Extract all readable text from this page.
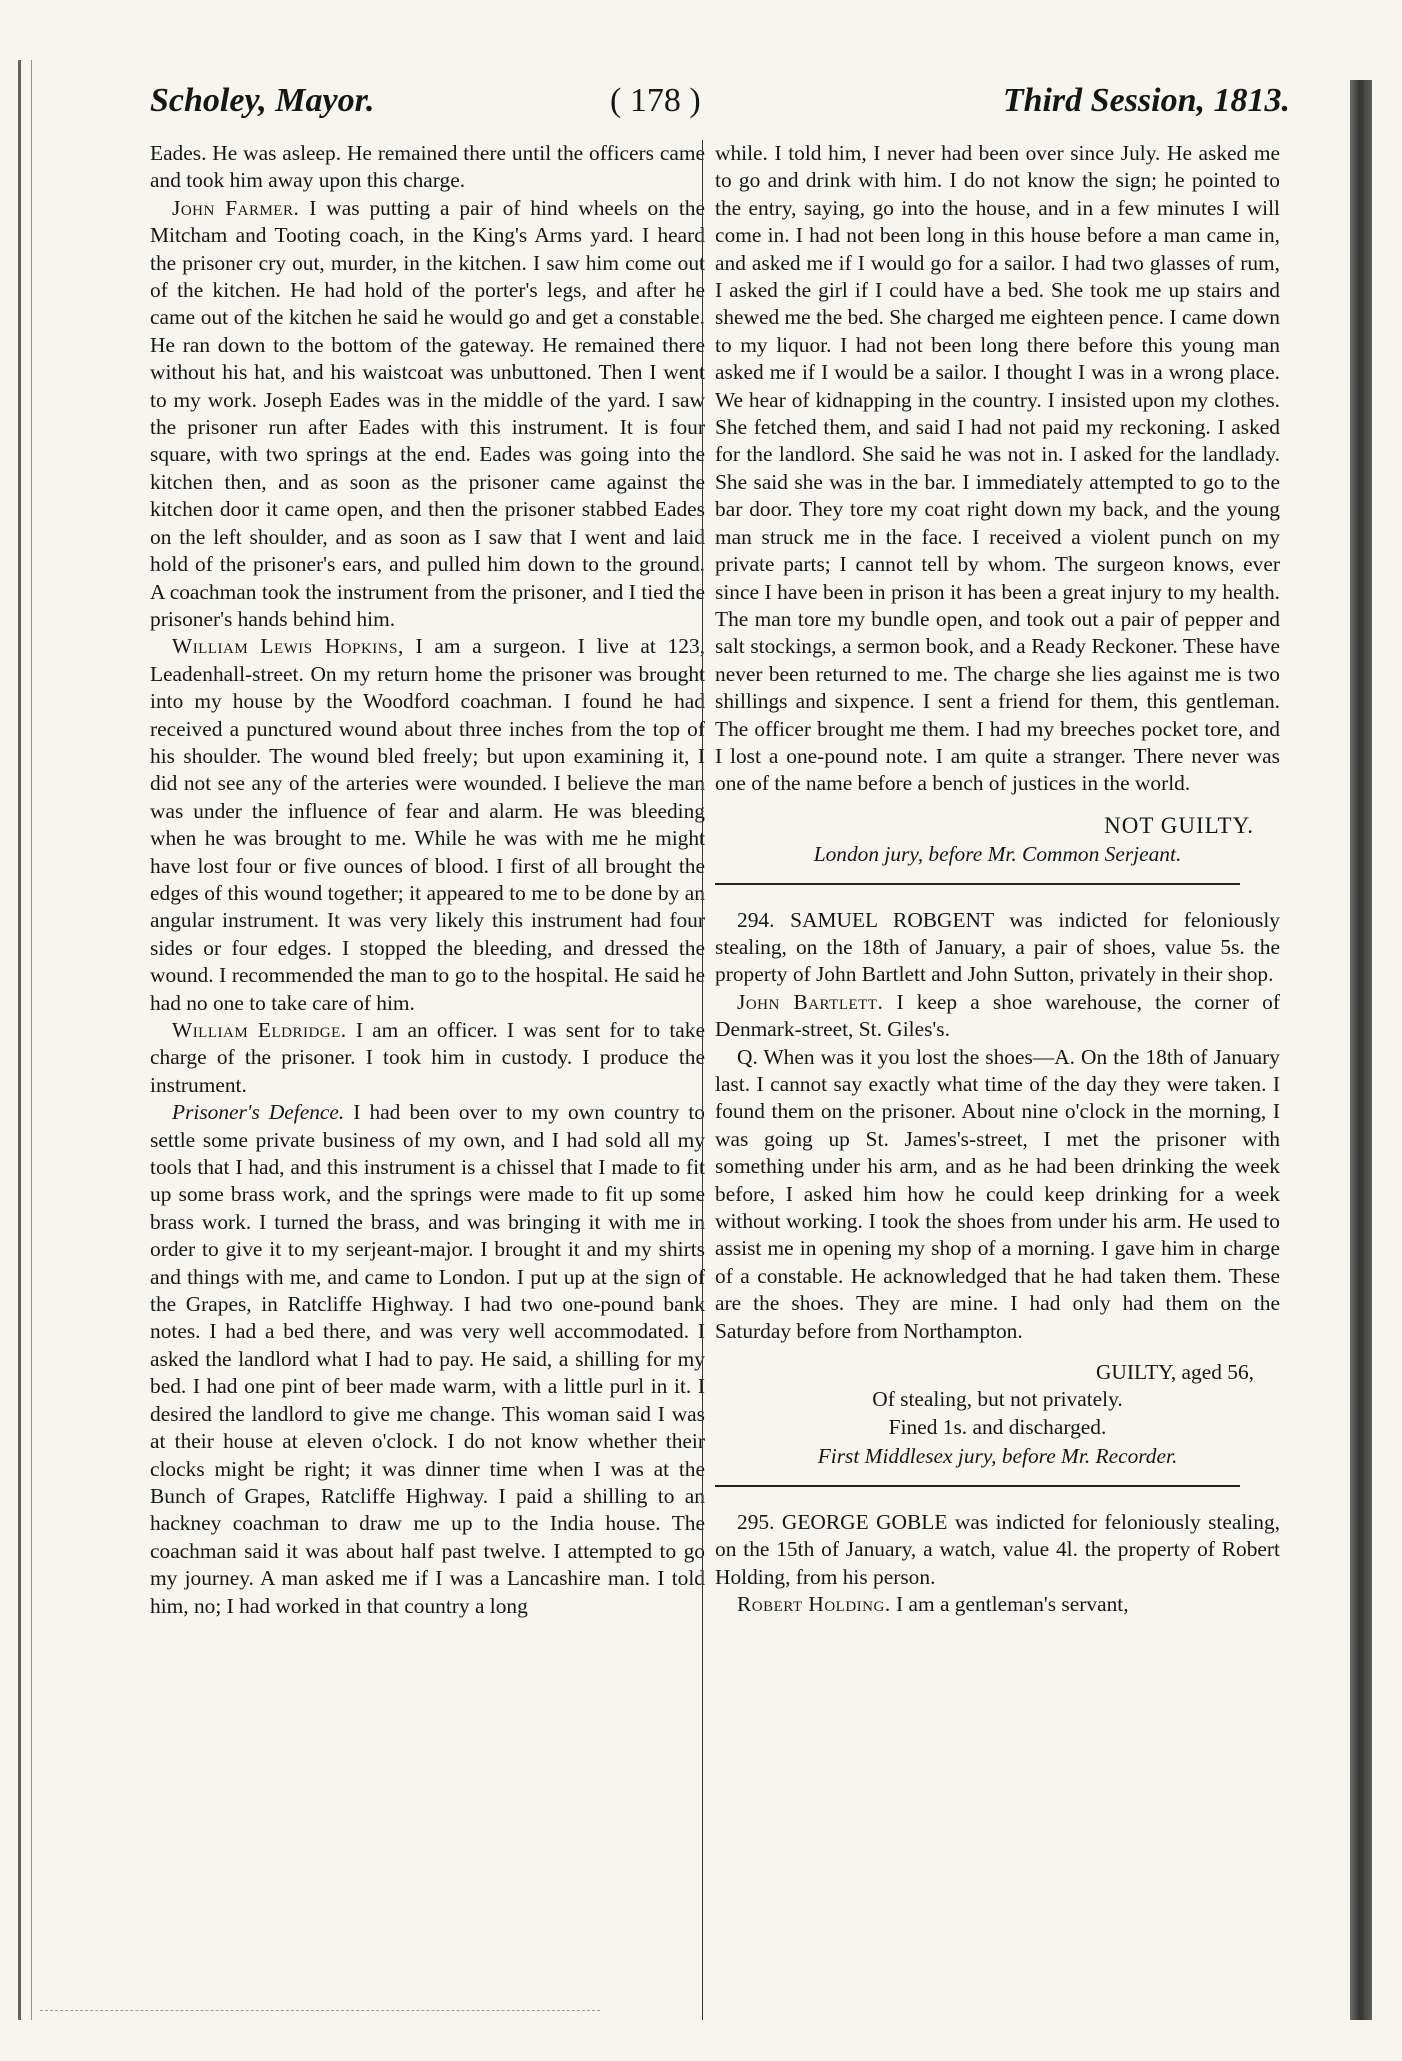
Scholey, Mayor.	( 178 )	Third Session, 1813.

Eades. He was asleep. He remained there until the officers came and took him away upon this charge.

John Farmer. I was putting a pair of hind wheels on the Mitcham and Tooting coach, in the King's Arms yard. I heard the prisoner cry out, murder, in the kitchen. I saw him come out of the kitchen. He had hold of the porter's legs, and after he came out of the kitchen he said he would go and get a constable. He ran down to the bottom of the gateway. He remained there without his hat, and his waistcoat was unbuttoned. Then I went to my work. Joseph Eades was in the middle of the yard. I saw the prisoner run after Eades with this instrument. It is four square, with two springs at the end. Eades was going into the kitchen then, and as soon as the prisoner came against the kitchen door it came open, and then the prisoner stabbed Eades on the left shoulder, and as soon as I saw that I went and laid hold of the prisoner's ears, and pulled him down to the ground. A coachman took the instrument from the prisoner, and I tied the prisoner's hands behind him.

William Lewis Hopkins, I am a surgeon. I live at 123, Leadenhall-street. On my return home the prisoner was brought into my house by the Woodford coachman. I found he had received a punctured wound about three inches from the top of his shoulder. The wound bled freely; but upon examining it, I did not see any of the arteries were wounded. I believe the man was under the influence of fear and alarm. He was bleeding when he was brought to me. While he was with me he might have lost four or five ounces of blood. I first of all brought the edges of this wound together; it appeared to me to be done by an angular instrument. It was very likely this instrument had four sides or four edges. I stopped the bleeding, and dressed the wound. I recommended the man to go to the hospital. He said he had no one to take care of him.

William Eldridge. I am an officer. I was sent for to take charge of the prisoner. I took him in custody. I produce the instrument.

Prisoner's Defence. I had been over to my own country to settle some private business of my own, and I had sold all my tools that I had, and this instrument is a chissel that I made to fit up some brass work, and the springs were made to fit up some brass work. I turned the brass, and was bringing it with me in order to give it to my serjeant-major. I brought it and my shirts and things with me, and came to London. I put up at the sign of the Grapes, in Ratcliffe Highway. I had two one-pound bank notes. I had a bed there, and was very well accommodated. I asked the landlord what I had to pay. He said, a shilling for my bed. I had one pint of beer made warm, with a little purl in it. I desired the landlord to give me change. This woman said I was at their house at eleven o'clock. I do not know whether their clocks might be right; it was dinner time when I was at the Bunch of Grapes, Ratcliffe Highway. I paid a shilling to an hackney coachman to draw me up to the India house. The coachman said it was about half past twelve. I attempted to go my journey. A man asked me if I was a Lancashire man. I told him, no; I had worked in that country a long

while. I told him, I never had been over since July. He asked me to go and drink with him. I do not know the sign; he pointed to the entry, saying, go into the house, and in a few minutes I will come in. I had not been long in this house before a man came in, and asked me if I would go for a sailor. I had two glasses of rum, I asked the girl if I could have a bed. She took me up stairs and shewed me the bed. She charged me eighteen pence. I came down to my liquor. I had not been long there before this young man asked me if I would be a sailor. I thought I was in a wrong place. We hear of kidnapping in the country. I insisted upon my clothes. She fetched them, and said I had not paid my reckoning. I asked for the landlord. She said he was not in. I asked for the landlady. She said she was in the bar. I immediately attempted to go to the bar door. They tore my coat right down my back, and the young man struck me in the face. I received a violent punch on my private parts; I cannot tell by whom. The surgeon knows, ever since I have been in prison it has been a great injury to my health. The man tore my bundle open, and took out a pair of pepper and salt stockings, a sermon book, and a Ready Reckoner. These have never been returned to me. The charge she lies against me is two shillings and sixpence. I sent a friend for them, this gentleman. The officer brought me them. I had my breeches pocket tore, and I lost a one-pound note. I am quite a stranger. There never was one of the name before a bench of justices in the world.

NOT GUILTY.
London jury, before Mr. Common Serjeant.

294. SAMUEL ROBGENT was indicted for feloniously stealing, on the 18th of January, a pair of shoes, value 5s. the property of John Bartlett and John Sutton, privately in their shop.

John Bartlett. I keep a shoe warehouse, the corner of Denmark-street, St. Giles's.

Q. When was it you lost the shoes—A. On the 18th of January last. I cannot say exactly what time of the day they were taken. I found them on the prisoner. About nine o'clock in the morning, I was going up St. James's-street, I met the prisoner with something under his arm, and as he had been drinking the week before, I asked him how he could keep drinking for a week without working. I took the shoes from under his arm. He used to assist me in opening my shop of a morning. I gave him in charge of a constable. He acknowledged that he had taken them. These are the shoes. They are mine. I had only had them on the Saturday before from Northampton.

GUILTY, aged 56,
Of stealing, but not privately.
Fined 1s. and discharged.
First Middlesex jury, before Mr. Recorder.

295. GEORGE GOBLE was indicted for feloniously stealing, on the 15th of January, a watch, value 4l. the property of Robert Holding, from his person.

Robert Holding. I am a gentleman's servant,
